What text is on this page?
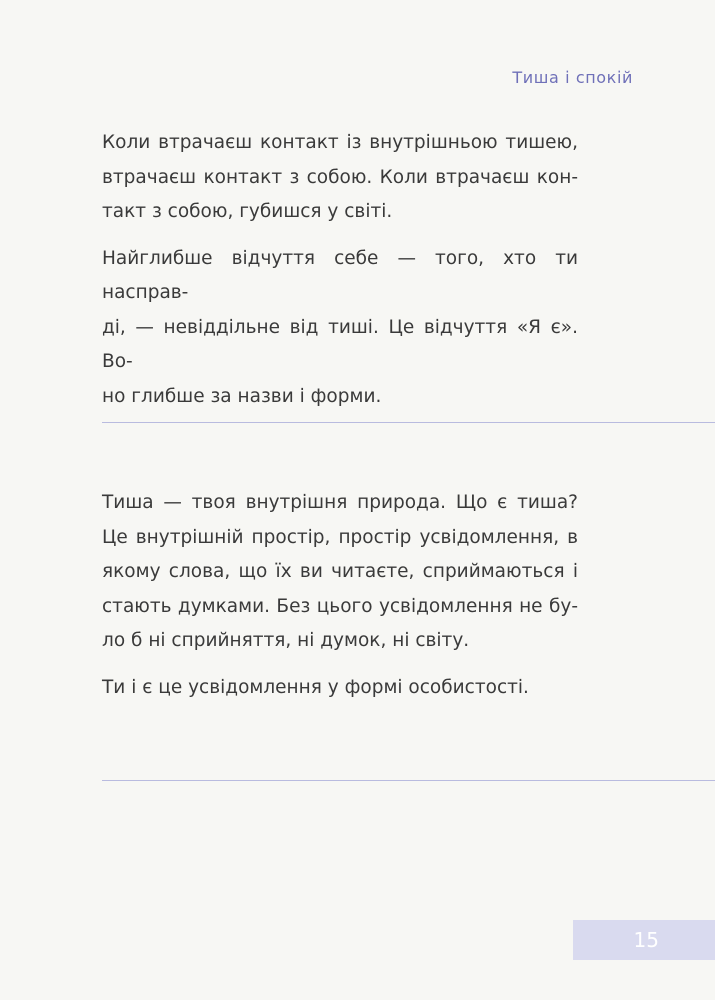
Тиша і спокій

Коли втрачаєш контакт із внутрішньою тишею,
втрачаєш контакт з собою. Коли втрачаєш кон-
такт з собою, губишся у світі.

Найглибше відчуття себе — того, хто ти насправ-
ді, — невіддільне від тиші. Це відчуття «Я є». Во-
но глибше за назви і форми.

Тиша — твоя внутрішня природа. Що є тиша?
Це внутрішній простір, простір усвідомлення, в
якому слова, що їх ви читаєте, сприймаються і
стають думками. Без цього усвідомлення не бу-
ло б ні сприйняття, ні думок, ні світу.

Ти і є це усвідомлення у формі особистості.

15
